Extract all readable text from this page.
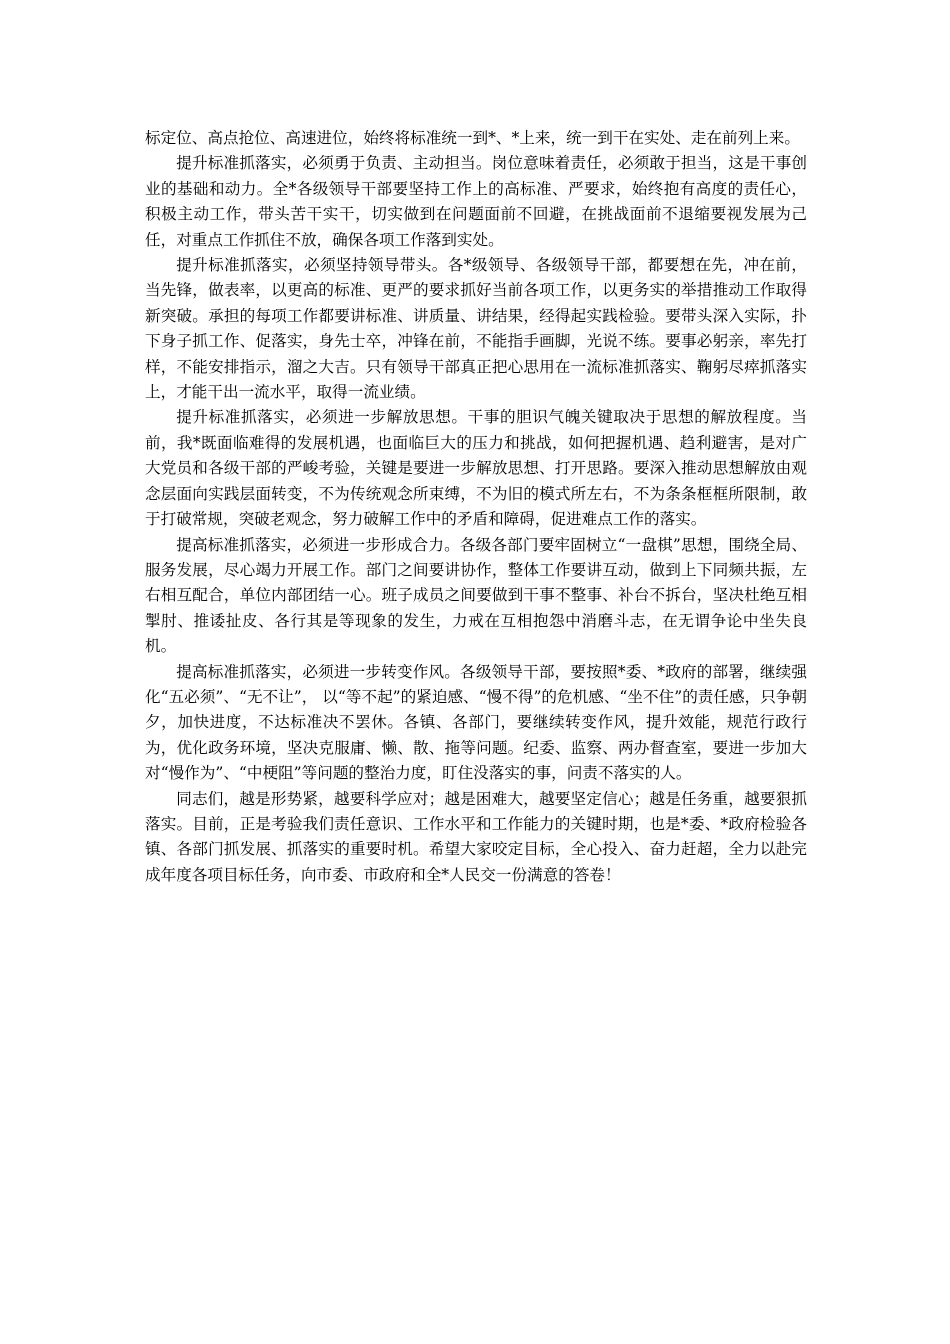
标定位、高点抢位、高速进位，始终将标准统一到*、*上来，统一到干在实处、走在前列上来。

提升标准抓落实，必须勇于负责、主动担当。岗位意味着责任，必须敢于担当，这是干事创业的基础和动力。全*各级领导干部要坚持工作上的高标准、严要求，始终抱有高度的责任心，积极主动工作，带头苦干实干，切实做到在问题面前不回避，在挑战面前不退缩要视发展为己任，对重点工作抓住不放，确保各项工作落到实处。

提升标准抓落实，必须坚持领导带头。各*级领导、各级领导干部，都要想在先，冲在前，当先锋，做表率，以更高的标准、更严的要求抓好当前各项工作，以更务实的举措推动工作取得新突破。承担的每项工作都要讲标准、讲质量、讲结果，经得起实践检验。要带头深入实际，扑下身子抓工作、促落实，身先士卒，冲锋在前，不能指手画脚，光说不练。要事必躬亲，率先打样，不能安排指示，溜之大吉。只有领导干部真正把心思用在一流标准抓落实、鞠躬尽瘁抓落实上，才能干出一流水平，取得一流业绩。

提升标准抓落实，必须进一步解放思想。干事的胆识气魄关键取决于思想的解放程度。当前，我*既面临难得的发展机遇，也面临巨大的压力和挑战，如何把握机遇、趋利避害，是对广大党员和各级干部的严峻考验，关键是要进一步解放思想、打开思路。要深入推动思想解放由观念层面向实践层面转变，不为传统观念所束缚，不为旧的模式所左右，不为条条框框所限制，敢于打破常规，突破老观念，努力破解工作中的矛盾和障碍，促进难点工作的落实。

提高标准抓落实，必须进一步形成合力。各级各部门要牢固树立“一盘棋”思想，围绕全局、服务发展，尽心竭力开展工作。部门之间要讲协作，整体工作要讲互动，做到上下同频共振，左右相互配合，单位内部团结一心。班子成员之间要做到干事不整事、补台不拆台，坚决杜绝互相掣肘、推诿扯皮、各行其是等现象的发生，力戒在互相抱怨中消磨斗志，在无谓争论中坐失良机。

提高标准抓落实，必须进一步转变作风。各级领导干部，要按照*委、*政府的部署，继续强化“五必须”、“无不让”， 以“等不起”的紧迫感、“慢不得”的危机感、“坐不住”的责任感，只争朝夕，加快进度，不达标准决不罢休。各镇、各部门，要继续转变作风，提升效能，规范行政行为，优化政务环境，坚决克服庸、懒、散、拖等问题。纪委、监察、两办督查室，要进一步加大对“慢作为”、“中梗阻”等问题的整治力度，盯住没落实的事，问责不落实的人。

同志们，越是形势紧，越要科学应对；越是困难大，越要坚定信心；越是任务重，越要狠抓落实。目前，正是考验我们责任意识、工作水平和工作能力的关键时期，也是*委、*政府检验各镇、各部门抓发展、抓落实的重要时机。希望大家咬定目标，全心投入、奋力赶超，全力以赴完成年度各项目标任务，向市委、市政府和全*人民交一份满意的答卷！
